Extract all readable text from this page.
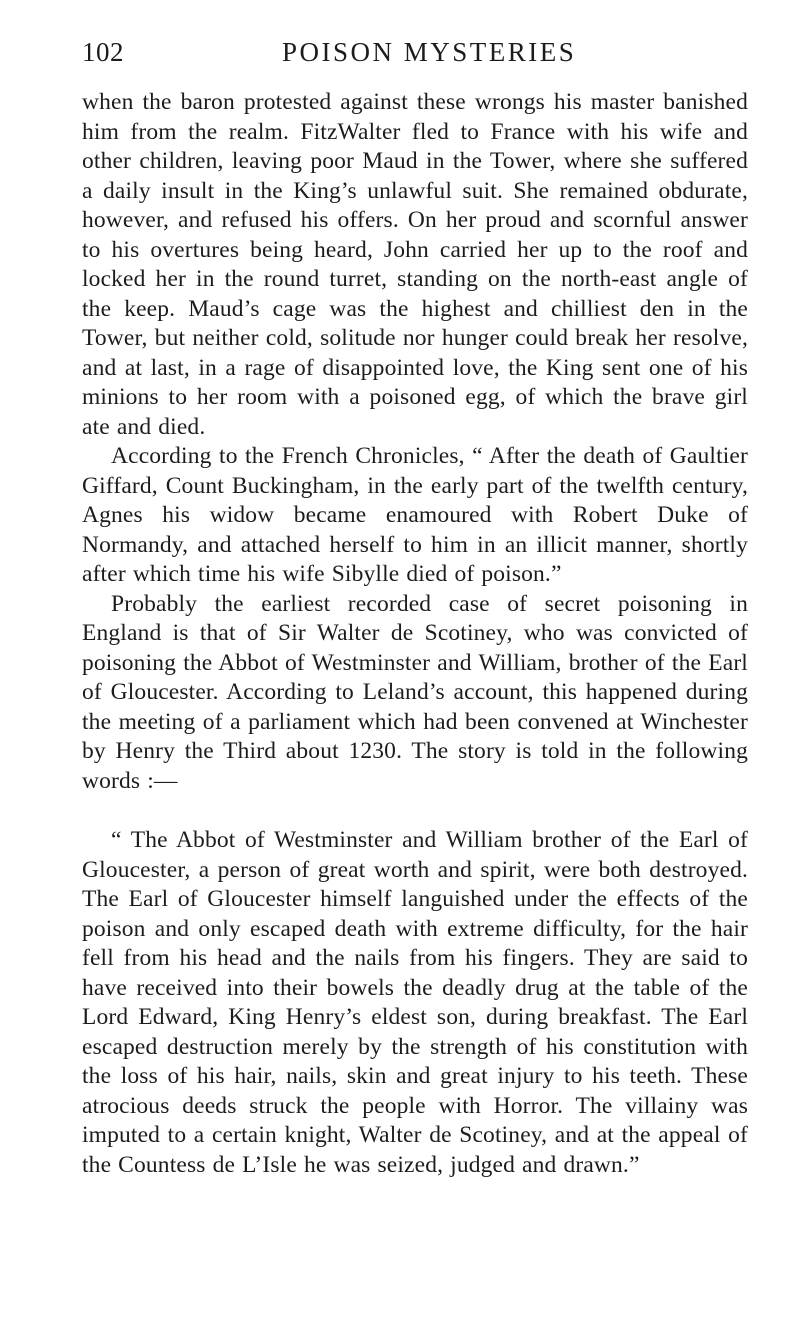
102	POISON MYSTERIES

when the baron protested against these wrongs his master banished him from the realm. FitzWalter fled to France with his wife and other children, leaving poor Maud in the Tower, where she suffered a daily insult in the King’s unlawful suit. She remained obdurate, however, and refused his offers. On her proud and scornful answer to his overtures being heard, John carried her up to the roof and locked her in the round turret, standing on the north-east angle of the keep. Maud’s cage was the highest and chilliest den in the Tower, but neither cold, solitude nor hunger could break her resolve, and at last, in a rage of disappointed love, the King sent one of his minions to her room with a poisoned egg, of which the brave girl ate and died.

According to the French Chronicles, “ After the death of Gaultier Giffard, Count Buckingham, in the early part of the twelfth century, Agnes his widow became enamoured with Robert Duke of Normandy, and attached herself to him in an illicit manner, shortly after which time his wife Sibylle died of poison.”

Probably the earliest recorded case of secret poisoning in England is that of Sir Walter de Scotiney, who was convicted of poisoning the Abbot of Westminster and William, brother of the Earl of Gloucester. According to Leland’s account, this happened during the meeting of a parliament which had been convened at Winchester by Henry the Third about 1230. The story is told in the following words :—

“ The Abbot of Westminster and William brother of the Earl of Gloucester, a person of great worth and spirit, were both destroyed. The Earl of Gloucester himself languished under the effects of the poison and only escaped death with extreme difficulty, for the hair fell from his head and the nails from his fingers. They are said to have received into their bowels the deadly drug at the table of the Lord Edward, King Henry’s eldest son, during breakfast. The Earl escaped destruction merely by the strength of his constitution with the loss of his hair, nails, skin and great injury to his teeth. These atrocious deeds struck the people with Horror. The villainy was imputed to a certain knight, Walter de Scotiney, and at the appeal of the Countess de L’Isle he was seized, judged and drawn.”
